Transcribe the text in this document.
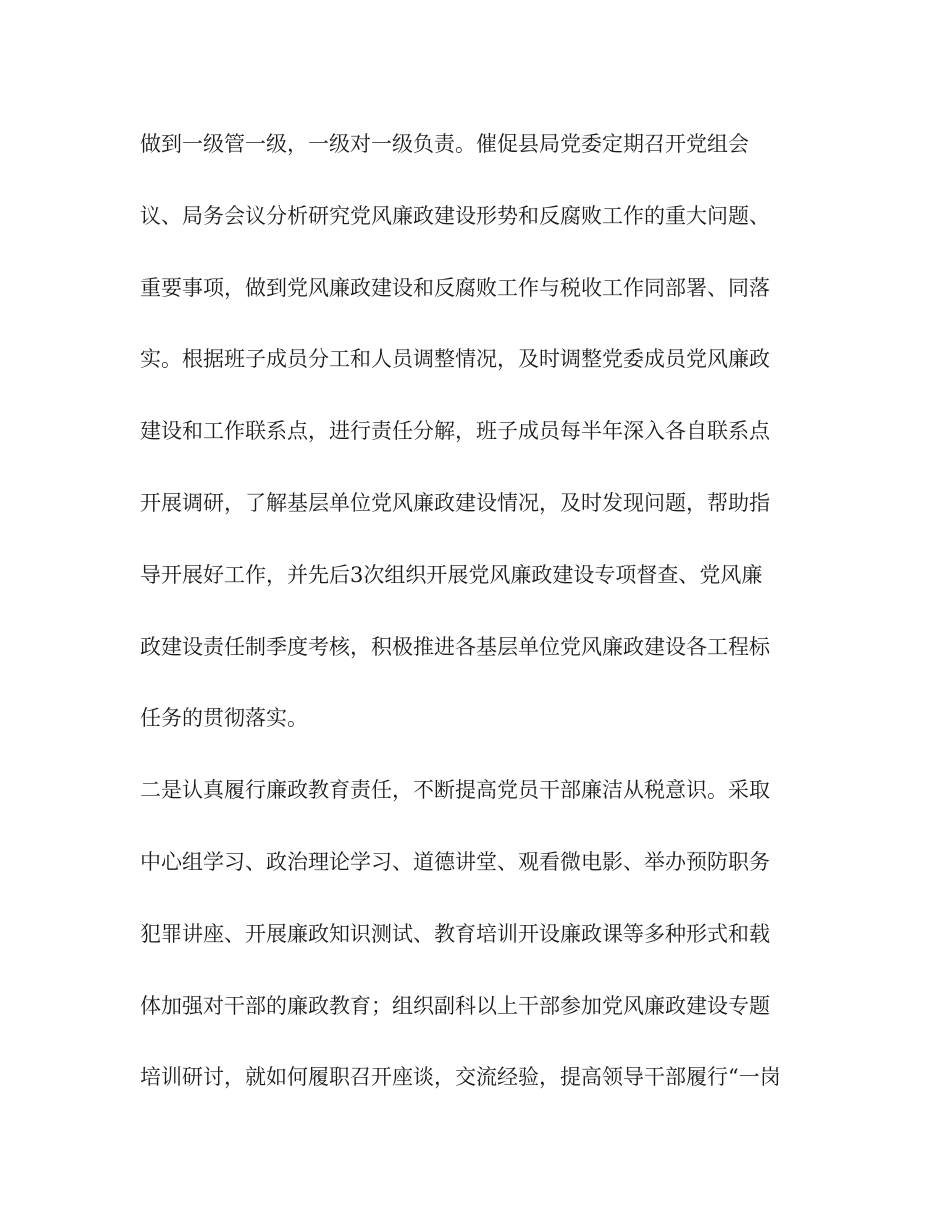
做到一级管一级，一级对一级负责。催促县局党委定期召开党组会
议、局务会议分析研究党风廉政建设形势和反腐败工作的重大问题、
重要事项，做到党风廉政建设和反腐败工作与税收工作同部署、同落
实。根据班子成员分工和人员调整情况，及时调整党委成员党风廉政
建设和工作联系点，进行责任分解，班子成员每半年深入各自联系点
开展调研，了解基层单位党风廉政建设情况，及时发现问题，帮助指
导开展好工作，并先后3次组织开展党风廉政建设专项督查、党风廉
政建设责任制季度考核，积极推进各基层单位党风廉政建设各工程标
任务的贯彻落实。
二是认真履行廉政教育责任，不断提高党员干部廉洁从税意识。采取
中心组学习、政治理论学习、道德讲堂、观看微电影、举办预防职务
犯罪讲座、开展廉政知识测试、教育培训开设廉政课等多种形式和载
体加强对干部的廉政教育；组织副科以上干部参加党风廉政建设专题
培训研讨，就如何履职召开座谈，交流经验，提高领导干部履行“一岗
